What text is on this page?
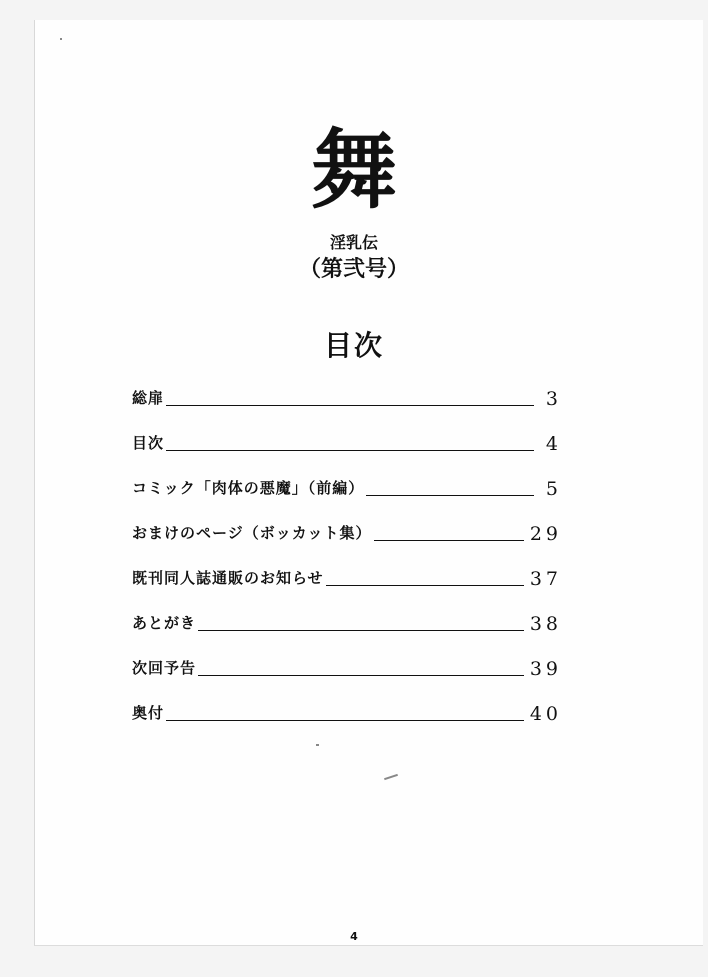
舞
淫乳伝
（第弐号）
目次
総扉	3
目次	4
コミック「肉体の悪魔」（前編）	5
おまけのページ（ボッカット集）	29
既刊同人誌通販のお知らせ	37
あとがき	38
次回予告	39
奥付	40
4
